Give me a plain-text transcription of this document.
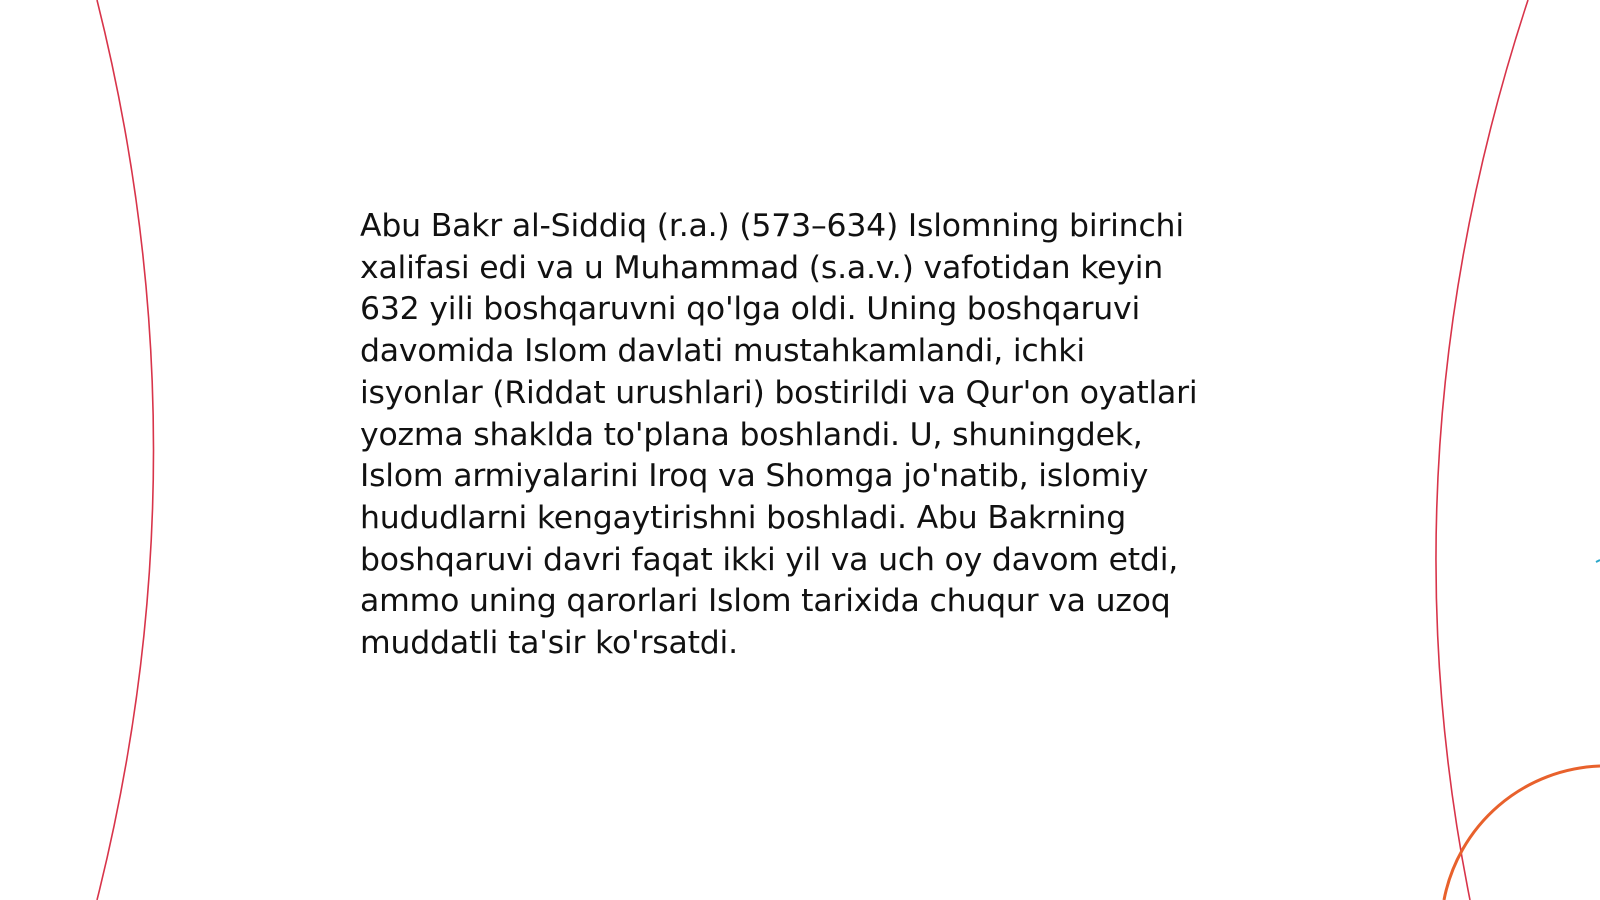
Abu Bakr al-Siddiq (r.a.) (573–634) Islomning birinchi
xalifasi edi va u Muhammad (s.a.v.) vafotidan keyin
632 yili boshqaruvni qo'lga oldi. Uning boshqaruvi
davomida Islom davlati mustahkamlandi, ichki
isyonlar (Riddat urushlari) bostirildi va Qur'on oyatlari
yozma shaklda to'plana boshlandi. U, shuningdek,
Islom armiyalarini Iroq va Shomga jo'natib, islomiy
hududlarni kengaytirishni boshladi. Abu Bakrning
boshqaruvi davri faqat ikki yil va uch oy davom etdi,
ammo uning qarorlari Islom tarixida chuqur va uzoq
muddatli ta'sir ko'rsatdi.
